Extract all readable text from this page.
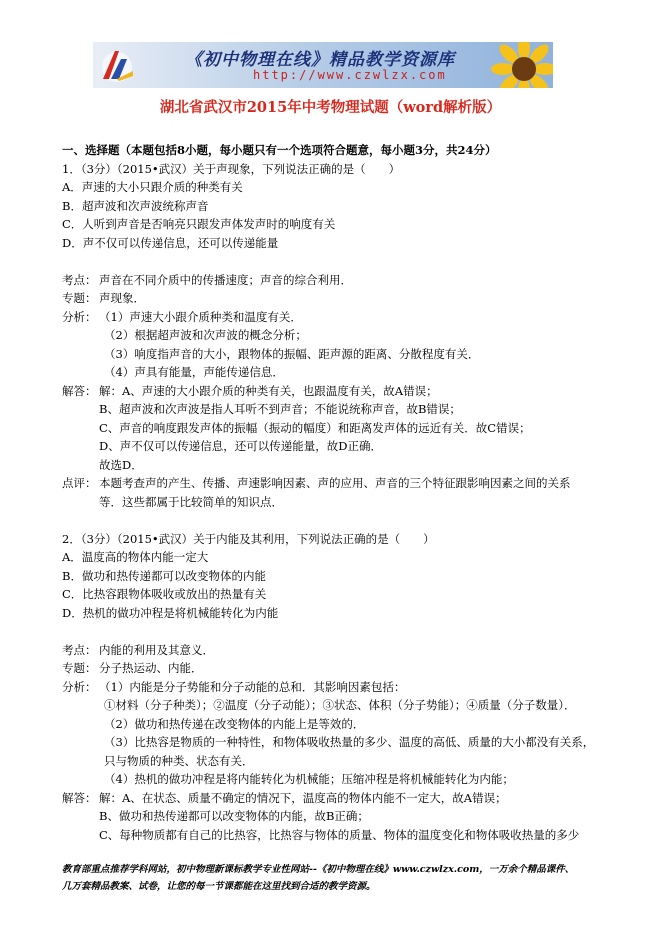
《初中物理在线》精品教学资源库
http://www.czwlzx.com
湖北省武汉市2015年中考物理试题（word解析版）
一、选择题（本题包括8小题，每小题只有一个选项符合题意，每小题3分，共24分）
1．（3分）（2015•武汉）关于声现象，下列说法正确的是（　　）
A．声速的大小只跟介质的种类有关
B．超声波和次声波统称声音
C．人听到声音是否响亮只跟发声体发声时的响度有关
D．声不仅可以传递信息，还可以传递能量
考点： 声音在不同介质中的传播速度；声音的综合利用．
专题： 声现象．
分析： （1）声速大小跟介质种类和温度有关．
（2）根据超声波和次声波的概念分析；
（3）响度指声音的大小，跟物体的振幅、距声源的距离、分散程度有关．
（4）声具有能量，声能传递信息．
解答： 解：A、声速的大小跟介质的种类有关，也跟温度有关，故A错误；
B、超声波和次声波是指人耳听不到声音；不能说统称声音，故B错误；
C、声音的响度跟发声体的振幅（振动的幅度）和距离发声体的远近有关．故C错误；
D、声不仅可以传递信息，还可以传递能量，故D正确．
故选D．
点评： 本题考查声的产生、传播、声速影响因素、声的应用、声音的三个特征跟影响因素之间的关系
等．这些都属于比较简单的知识点．
2．（3分）（2015•武汉）关于内能及其利用，下列说法正确的是（　　）
A．温度高的物体内能一定大
B．做功和热传递都可以改变物体的内能
C．比热容跟物体吸收或放出的热量有关
D．热机的做功冲程是将机械能转化为内能
考点： 内能的利用及其意义．
专题： 分子热运动、内能．
分析： （1）内能是分子势能和分子动能的总和．其影响因素包括：
①材料（分子种类）；②温度（分子动能）；③状态、体积（分子势能）；④质量（分子数量）．
（2）做功和热传递在改变物体的内能上是等效的．
（3）比热容是物质的一种特性，和物体吸收热量的多少、温度的高低、质量的大小都没有关系，
只与物质的种类、状态有关．
（4）热机的做功冲程是将内能转化为机械能；压缩冲程是将机械能转化为内能；
解答： 解：A、在状态、质量不确定的情况下，温度高的物体内能不一定大，故A错误；
B、做功和热传递都可以改变物体的内能，故B正确；
C、每种物质都有自己的比热容，比热容与物体的质量、物体的温度变化和物体吸收热量的多少
教育部重点推荐学科网站，初中物理新课标教学专业性网站--《初中物理在线》www.czwlzx.com，一万余个精品课件、
几万套精品教案、试卷，让您的每一节课都能在这里找到合适的教学资源。
